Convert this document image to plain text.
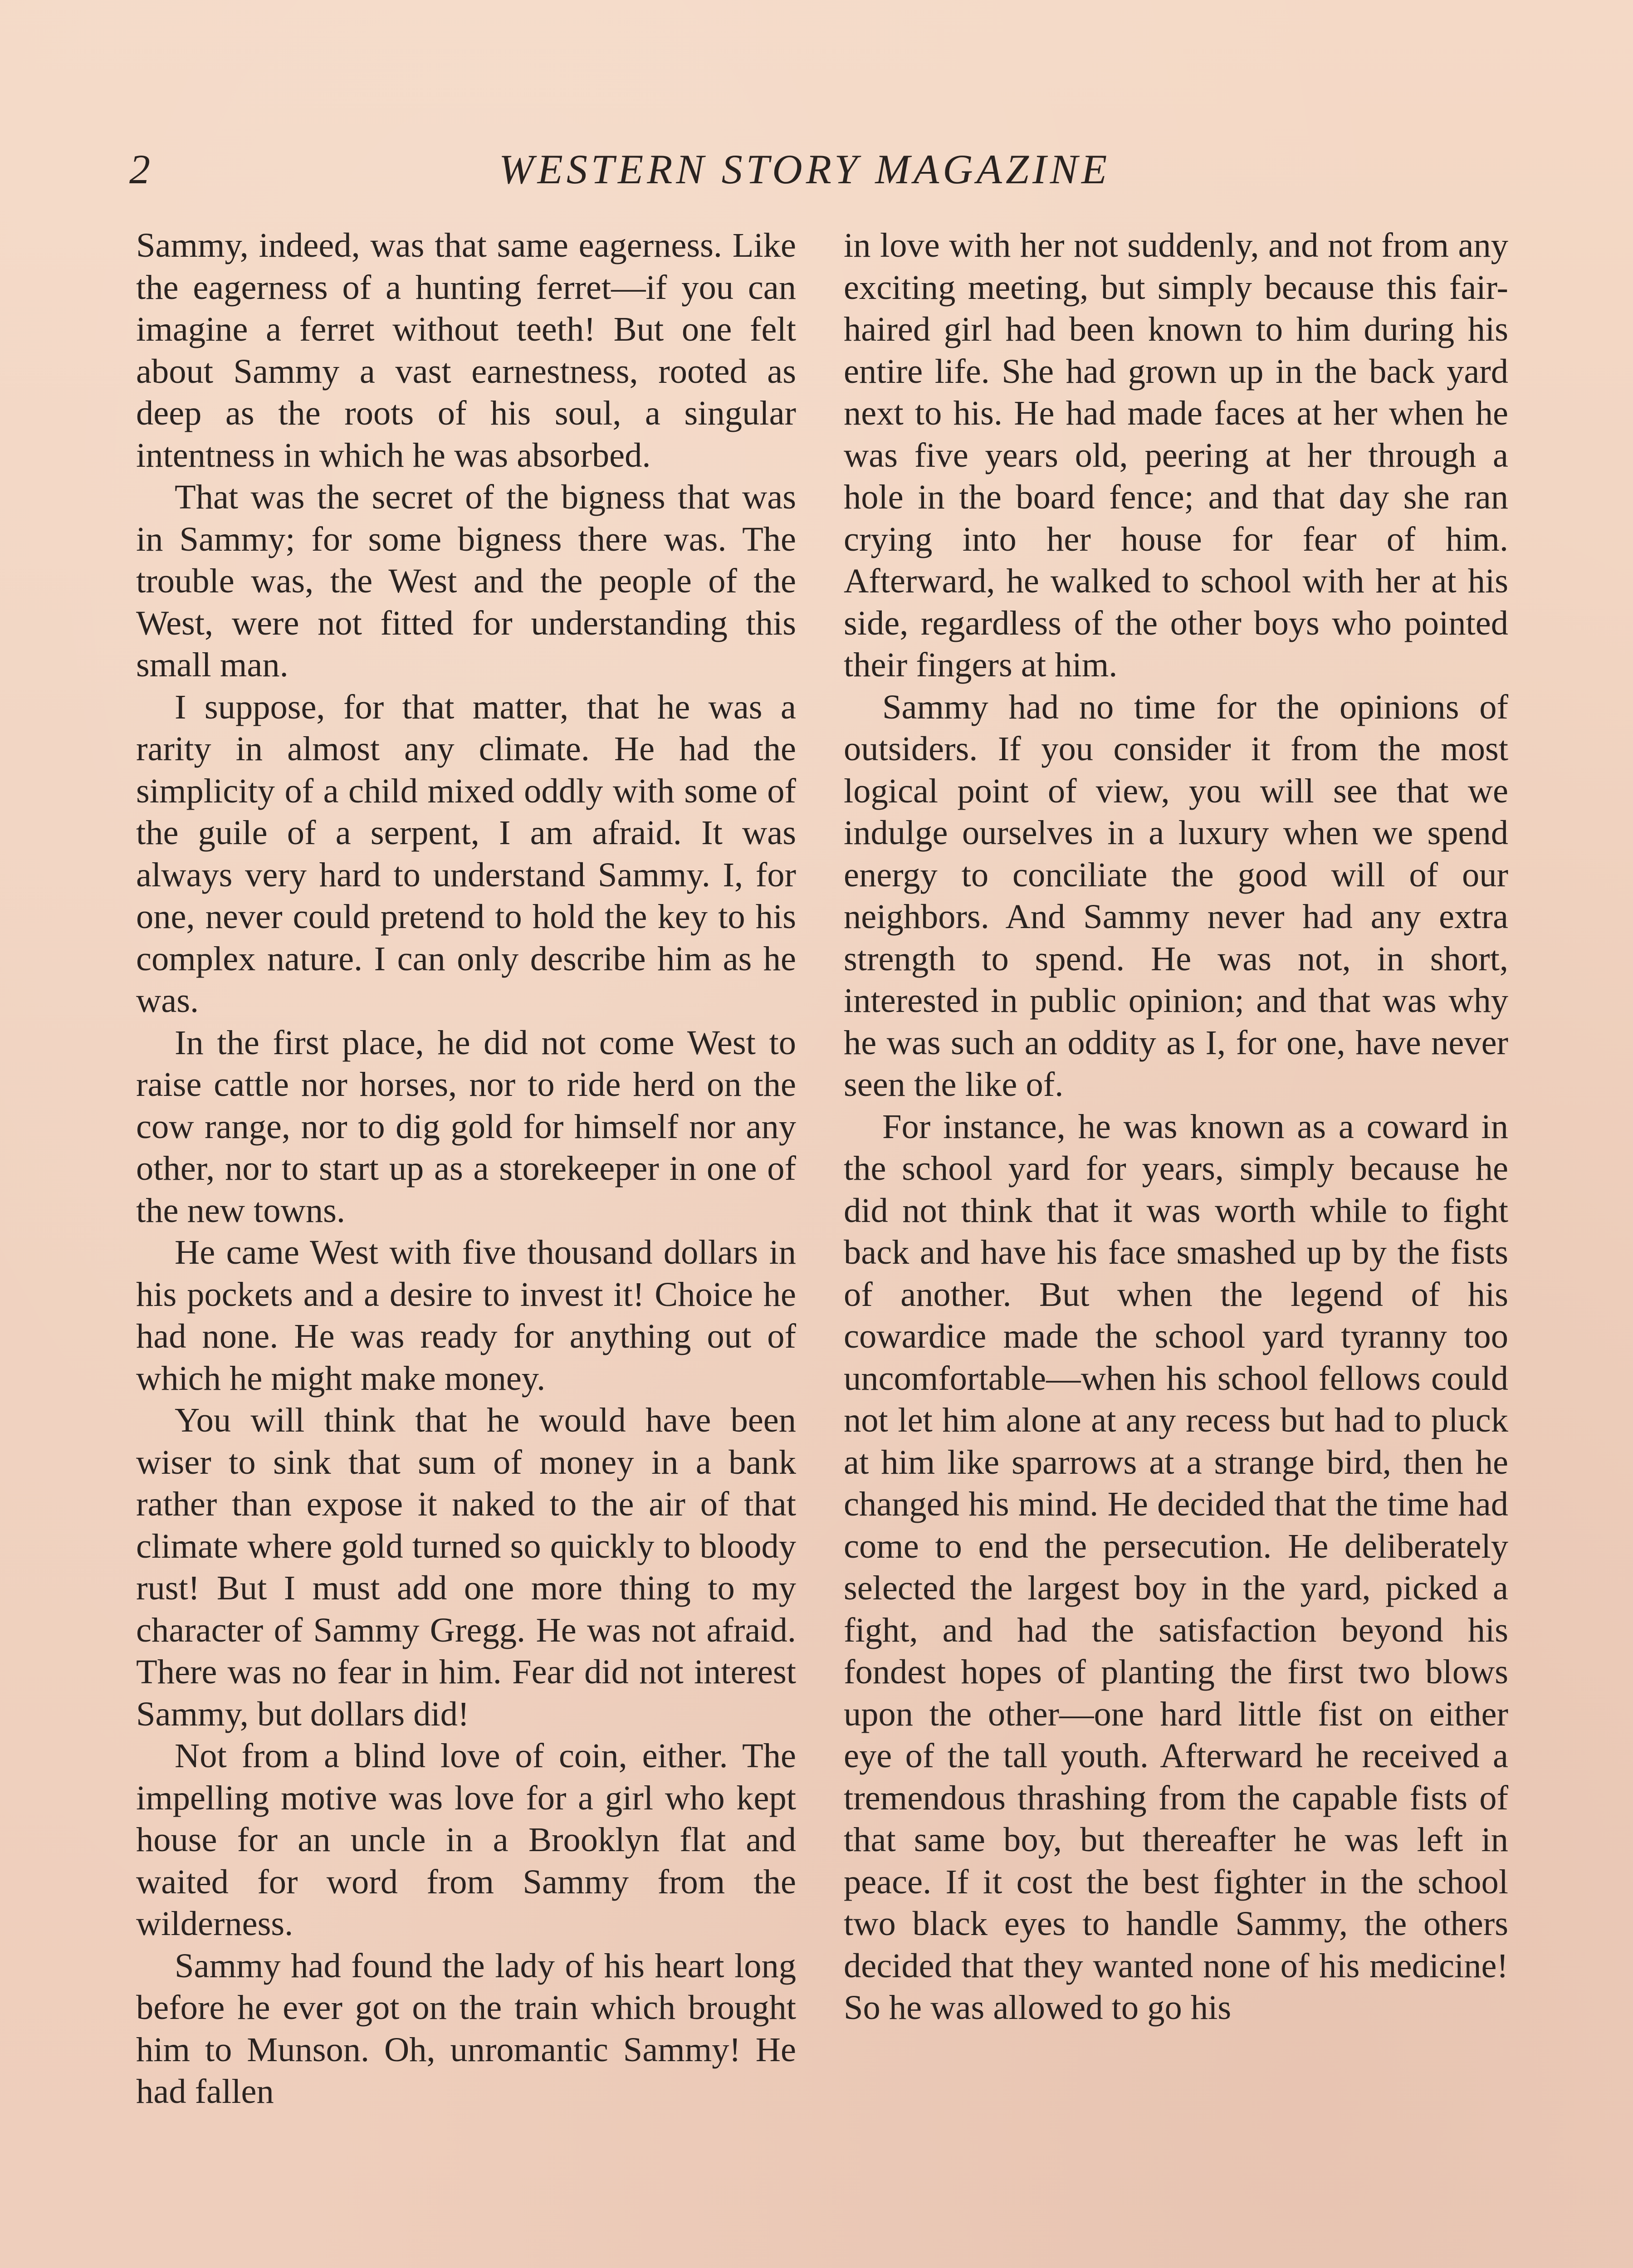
2	WESTERN STORY MAGAZINE

Sammy, indeed, was that same eagerness. Like the eagerness of a hunting ferret—if you can imagine a ferret without teeth! But one felt about Sammy a vast earnestness, rooted as deep as the roots of his soul, a singular intentness in which he was absorbed.

That was the secret of the bigness that was in Sammy; for some bigness there was. The trouble was, the West and the people of the West, were not fitted for understanding this small man.

I suppose, for that matter, that he was a rarity in almost any climate. He had the simplicity of a child mixed oddly with some of the guile of a serpent, I am afraid. It was always very hard to understand Sammy. I, for one, never could pretend to hold the key to his complex nature. I can only describe him as he was.

In the first place, he did not come West to raise cattle nor horses, nor to ride herd on the cow range, nor to dig gold for himself nor any other, nor to start up as a storekeeper in one of the new towns.

He came West with five thousand dollars in his pockets and a desire to invest it! Choice he had none. He was ready for anything out of which he might make money.

You will think that he would have been wiser to sink that sum of money in a bank rather than expose it naked to the air of that climate where gold turned so quickly to bloody rust! But I must add one more thing to my character of Sammy Gregg. He was not afraid. There was no fear in him. Fear did not interest Sammy, but dollars did!

Not from a blind love of coin, either. The impelling motive was love for a girl who kept house for an uncle in a Brooklyn flat and waited for word from Sammy from the wilderness.

Sammy had found the lady of his heart long before he ever got on the train which brought him to Munson. Oh, unromantic Sammy! He had fallen

in love with her not suddenly, and not from any exciting meeting, but simply because this fair-haired girl had been known to him during his entire life. She had grown up in the back yard next to his. He had made faces at her when he was five years old, peering at her through a hole in the board fence; and that day she ran crying into her house for fear of him. Afterward, he walked to school with her at his side, regardless of the other boys who pointed their fingers at him.

Sammy had no time for the opinions of outsiders. If you consider it from the most logical point of view, you will see that we indulge ourselves in a luxury when we spend energy to conciliate the good will of our neighbors. And Sammy never had any extra strength to spend. He was not, in short, interested in public opinion; and that was why he was such an oddity as I, for one, have never seen the like of.

For instance, he was known as a coward in the school yard for years, simply because he did not think that it was worth while to fight back and have his face smashed up by the fists of another. But when the legend of his cowardice made the school yard tyranny too uncomfortable—when his school fellows could not let him alone at any recess but had to pluck at him like sparrows at a strange bird, then he changed his mind. He decided that the time had come to end the persecution. He deliberately selected the largest boy in the yard, picked a fight, and had the satisfaction beyond his fondest hopes of planting the first two blows upon the other—one hard little fist on either eye of the tall youth. Afterward he received a tremendous thrashing from the capable fists of that same boy, but thereafter he was left in peace. If it cost the best fighter in the school two black eyes to handle Sammy, the others decided that they wanted none of his medicine! So he was allowed to go his
